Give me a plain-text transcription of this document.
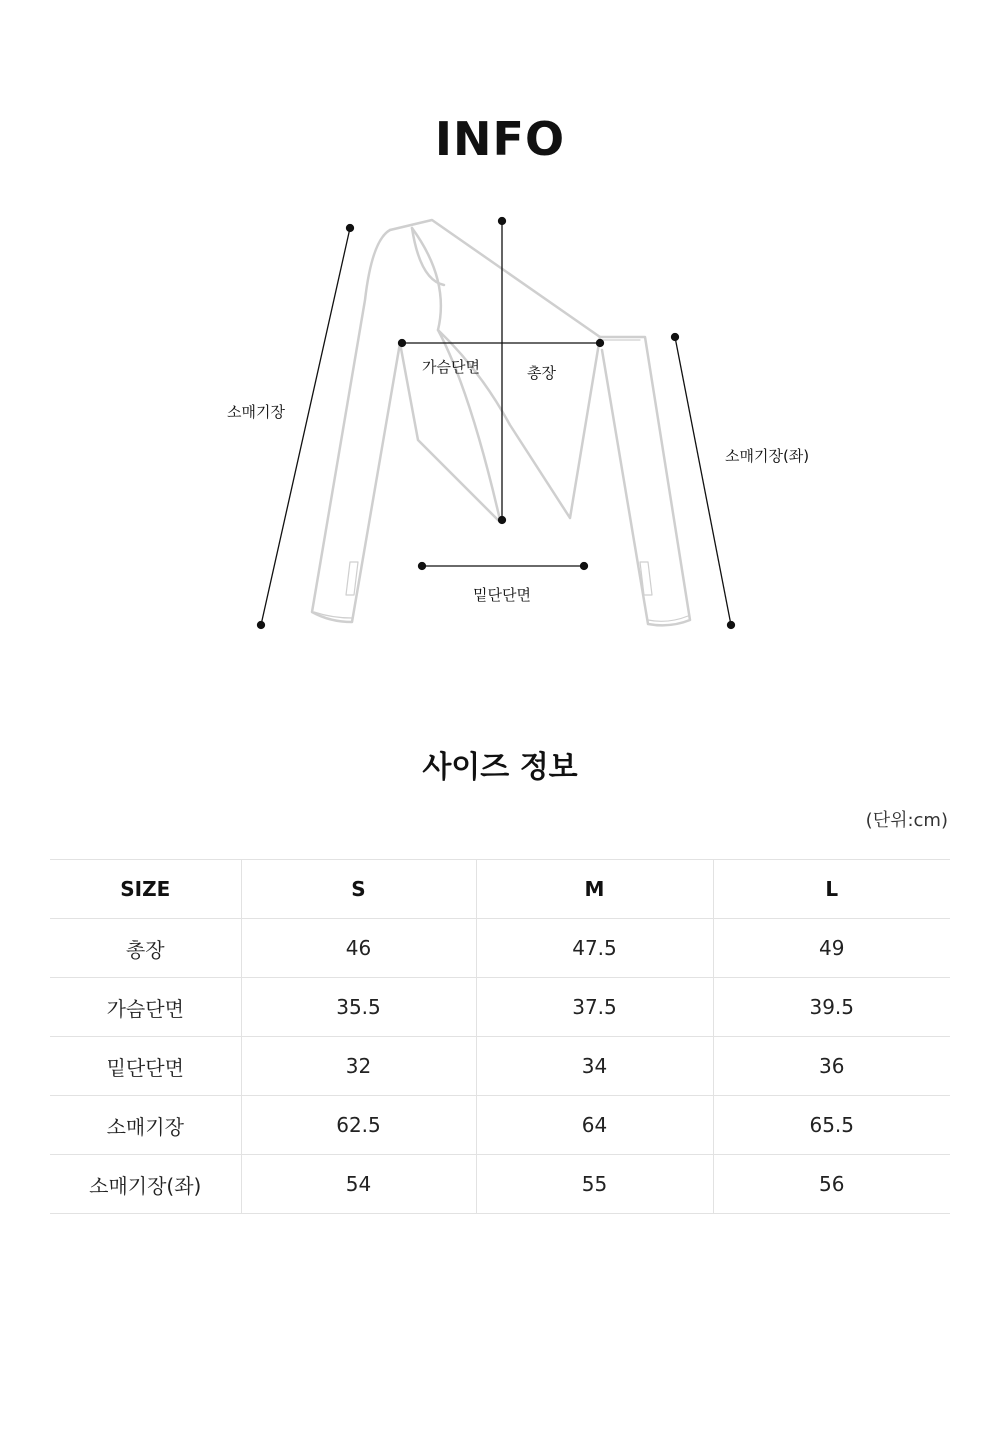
INFO
소매기장
가슴단면	총장
소매기장(좌)
밑단단면
사이즈 정보
(단위:cm)
SIZE	S	M	L
총장	46	47.5	49
가슴단면	35.5	37.5	39.5
밑단단면	32	34	36
소매기장	62.5	64	65.5
소매기장(좌)	54	55	56
